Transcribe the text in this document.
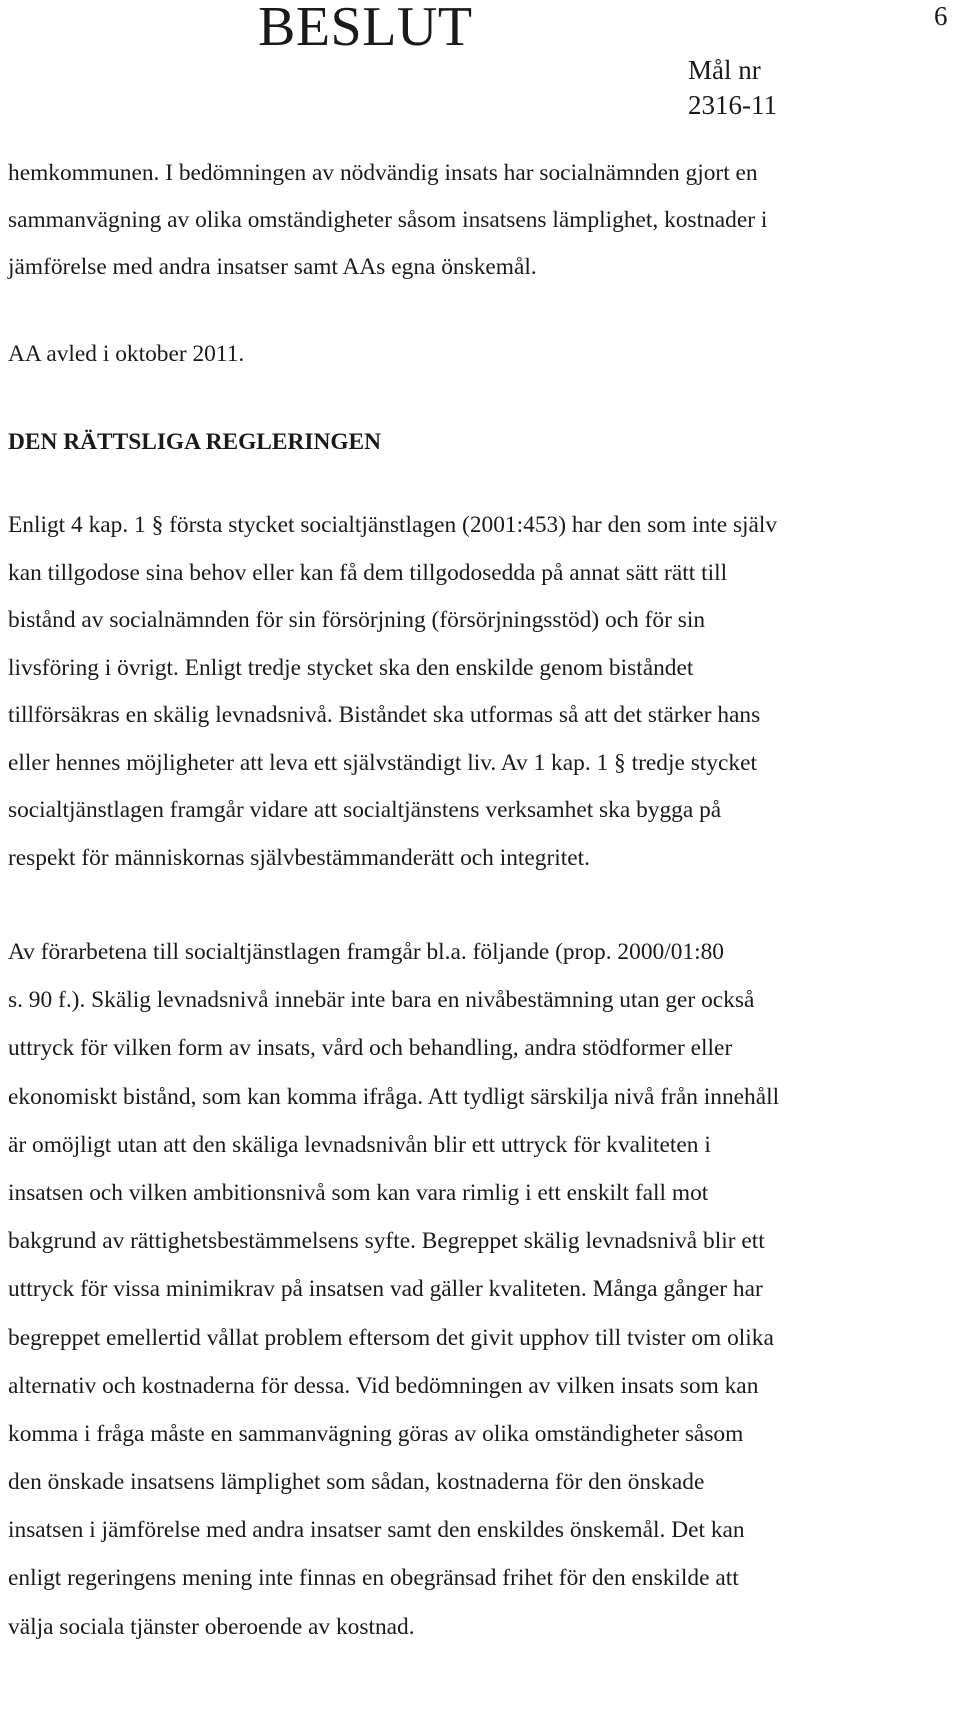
BESLUT	6
Mål nr
2316-11
hemkommunen. I bedömningen av nödvändig insats har socialnämnden gjort en
sammanvägning av olika omständigheter såsom insatsens lämplighet, kostnader i
jämförelse med andra insatser samt AAs egna önskemål.
AA avled i oktober 2011.
DEN RÄTTSLIGA REGLERINGEN
Enligt 4 kap. 1 § första stycket socialtjänstlagen (2001:453) har den som inte själv
kan tillgodose sina behov eller kan få dem tillgodosedda på annat sätt rätt till
bistånd av socialnämnden för sin försörjning (försörjningsstöd) och för sin
livsföring i övrigt. Enligt tredje stycket ska den enskilde genom biståndet
tillförsäkras en skälig levnadsnivå. Biståndet ska utformas så att det stärker hans
eller hennes möjligheter att leva ett självständigt liv. Av 1 kap. 1 § tredje stycket
socialtjänstlagen framgår vidare att socialtjänstens verksamhet ska bygga på
respekt för människornas självbestämmanderätt och integritet.
Av förarbetena till socialtjänstlagen framgår bl.a. följande (prop. 2000/01:80
s. 90 f.). Skälig levnadsnivå innebär inte bara en nivåbestämning utan ger också
uttryck för vilken form av insats, vård och behandling, andra stödformer eller
ekonomiskt bistånd, som kan komma ifråga. Att tydligt särskilja nivå från innehåll
är omöjligt utan att den skäliga levnadsnivån blir ett uttryck för kvaliteten i
insatsen och vilken ambitionsnivå som kan vara rimlig i ett enskilt fall mot
bakgrund av rättighetsbestämmelsens syfte. Begreppet skälig levnadsnivå blir ett
uttryck för vissa minimikrav på insatsen vad gäller kvaliteten. Många gånger har
begreppet emellertid vållat problem eftersom det givit upphov till tvister om olika
alternativ och kostnaderna för dessa. Vid bedömningen av vilken insats som kan
komma i fråga måste en sammanvägning göras av olika omständigheter såsom
den önskade insatsens lämplighet som sådan, kostnaderna för den önskade
insatsen i jämförelse med andra insatser samt den enskildes önskemål. Det kan
enligt regeringens mening inte finnas en obegränsad frihet för den enskilde att
välja sociala tjänster oberoende av kostnad.
